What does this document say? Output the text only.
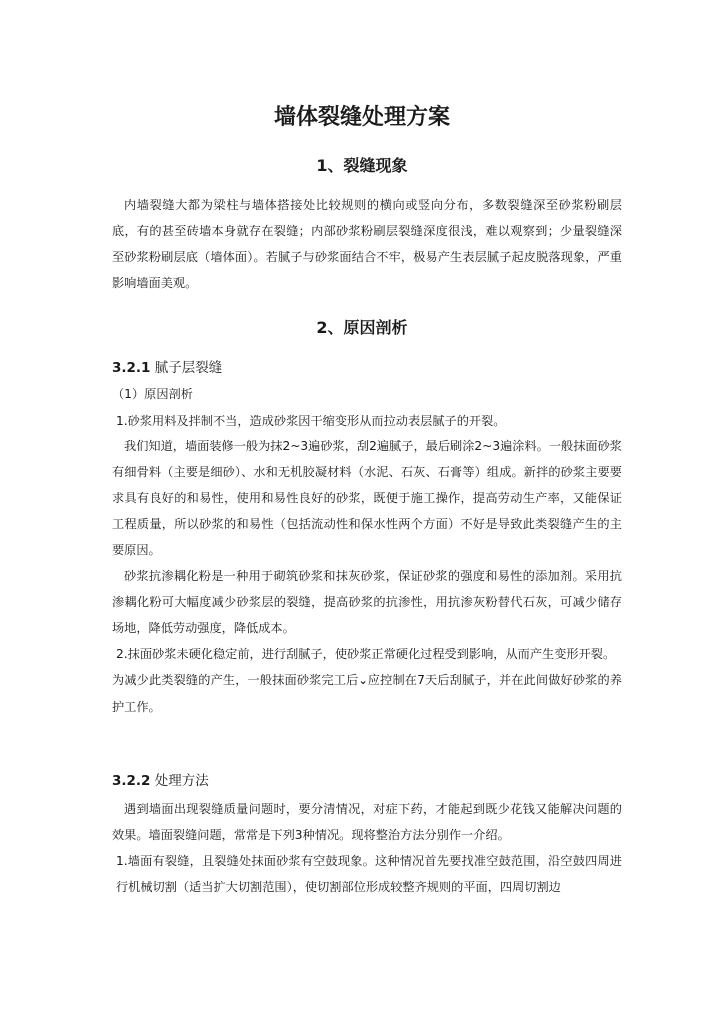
墙体裂缝处理方案
1、裂缝现象

内墙裂缝大都为梁柱与墙体搭接处比较规则的横向或竖向分布，多数裂缝深至砂浆粉刷层底，有的甚至砖墙本身就存在裂缝；内部砂浆粉刷层裂缝深度很浅，难以观察到；少量裂缝深至砂浆粉刷层底（墙体面）。若腻子与砂浆面结合不牢，极易产生表层腻子起皮脱落现象，严重影响墙面美观。

2、原因剖析
3.2.1 腻子层裂缝
（1）原因剖析
1.砂浆用料及拌制不当，造成砂浆因干缩变形从而拉动表层腻子的开裂。

我们知道，墙面装修一般为抹2~3遍砂浆，刮2遍腻子，最后刷涂2~3遍涂料。一般抹面砂浆有细骨料（主要是细砂）、水和无机胶凝材料（水泥、石灰、石膏等）组成。新拌的砂浆主要要求具有良好的和易性，使用和易性良好的砂浆，既便于施工操作，提高劳动生产率，又能保证工程质量，所以砂浆的和易性（包括流动性和保水性两个方面）不好是导致此类裂缝产生的主要原因。

砂浆抗渗耦化粉是一种用于砌筑砂浆和抹灰砂浆，保证砂浆的强度和易性的添加剂。采用抗渗耦化粉可大幅度减少砂浆层的裂缝，提高砂浆的抗渗性，用抗渗灰粉替代石灰，可减少储存场地，降低劳动强度，降低成本。

2.抹面砂浆未硬化稳定前，进行刮腻子，使砂浆正常硬化过程受到影响，从而产生变形开裂。

为减少此类裂缝的产生，一般抹面砂浆完工后⌄应控制在7天后刮腻子，并在此间做好砂浆的养护工作。

3.2.2 处理方法

遇到墙面出现裂缝质量问题时，要分清情况，对症下药，才能起到既少花钱又能解决问题的效果。墙面裂缝问题，常常是下列3种情况。现将整治方法分别作一介绍。

1.墙面有裂缝，且裂缝处抹面砂浆有空鼓现象。这种情况首先要找准空鼓范围，沿空鼓四周进行机械切割（适当扩大切割范围），使切割部位形成较整齐规则的平面，四周切割边
